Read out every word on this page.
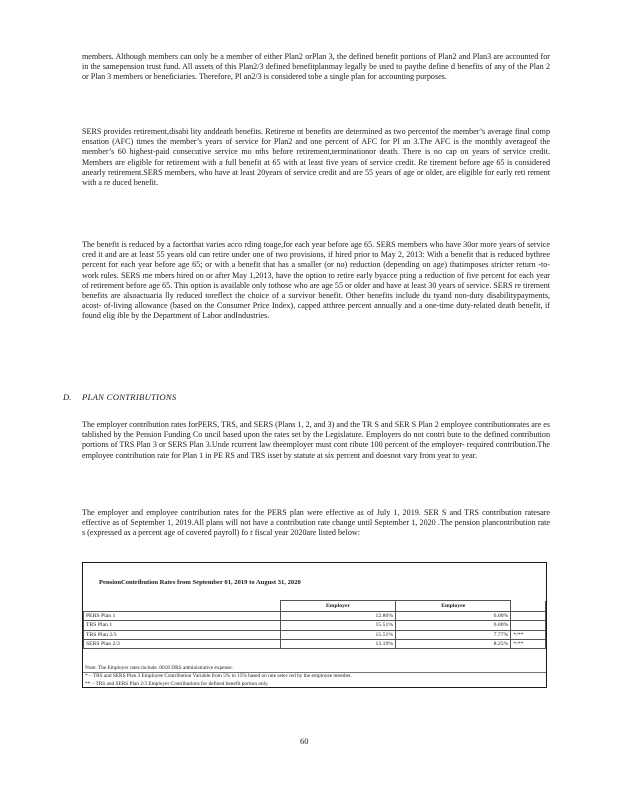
members. Although members can only be a member of either Plan2 orPlan 3, the defined benefit portions of Plan2 and Plan3 are accounted for in the samepension trust fund. All assets of this Plan2/3 defined benefitplanmay legally be used to paythe define d benefits of any of the Plan 2 or Plan 3 members or beneficiaries. Therefore, Pl an2/3 is considered tobe a single plan for accounting purposes.

SERS provides retirement,disabi lity anddeath benefits. Retireme nt benefits are determined as two percentof the member’s average final comp ensation (AFC) times the member’s years of service for Plan2 and one percent of AFC for Pl an 3.The AFC is the monthly averageof the member’s 60 highest-paid consecutive service mo nths before retirement,terminationor death. There is no cap on years of service credit. Members are eligible for retirement with a full benefit at 65 with at least five years of service credit. Re tirement before age 65 is considered anearly retirement.SERS members, who have at least 20years of service credit and are 55 years of age or older, are eligible for early reti rement with a re duced benefit.

The benefit is reduced by a factorthat varies acco rding toage,for each year before age 65. SERS members who have 30or more years of service cred it and are at least 55 years old can retire under one of two provisions, if hired prior to May 2, 2013: With a benefit that is reduced bythree percent for each year before age 65; or with a benefit that has a smaller (or no) reduction (depending on age) thatimposes stricter return -to-work rules. SERS me mbers hired on or after May 1,2013, have the option to retire early byacce pting a reduction of five percent for each year of retirement before age 65. This option is available only tothose who are age 55 or older and have at least 30 years of service. SERS re tirement benefits are alsoactuaria lly reduced toreflect the choice of a survivor benefit. Other benefits include du tyand non-duty disabilitypayments, acost- of-living allowance (based on the Consumer Price Index), capped atthree percent annually and a one-time duty-related death benefit, if found elig ible by the Department of Labor andIndustries.

D. PLAN CONTRIBUTIONS

The employer contribution rates forPERS, TRS, and SERS (Plans 1, 2, and 3) and the TR S and SER S Plan 2 employee contributionrates are es tablished by the Pension Funding Co uncil based upon the rates set by the Legislature. Employers do not contri bute to the defined contribution portions of TRS Plan 3 or SERS Plan 3.Unde rcurrent law theemployer must cont ribute 100 percent of the employer- required contribution.The employee contribution rate for Plan 1 in PE RS and TRS isset by statute at six percent and doesnot vary from year to year.

The employer and employee contribution rates for the PERS plan were effective as of July 1, 2019. SER S and TRS contribution ratesare effective as of September 1, 2019.All plans will not have a contribution rate change until September 1, 2020 .The pension plancontribution rate s (expressed as a percent age of covered payroll) fo r fiscal year 2020are listed below:

PensionContribution Rates from September 01, 2019 to August 31, 2020
	Employer	Employee	
PERS Plan 1	12.86%	6.00%	
TRS Plan 1	15.51%	6.00%	
TRS Plan 2/3	15.51%	7.77%	*/**
SERS Plan 2/3	13.19%	8.25%	*/**
Note: The Employer rates include .0018 DRS administrative expense.
* – TRS and SERS Plan 3 Employee Contribution Variable from 5% to 15% based on rate selec ted by the employee member.
** – TRS and SERS Plan 2/3 Employer Contributions for defined benefit portion only.
60
